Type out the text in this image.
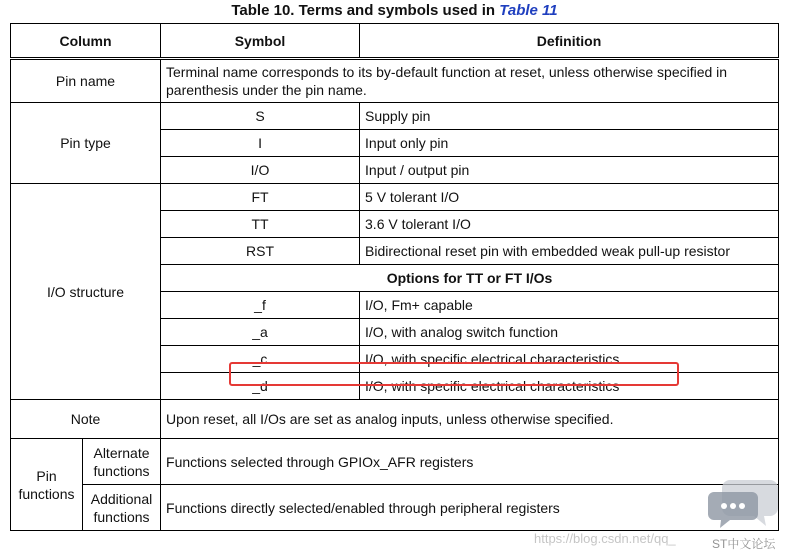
Table 10. Terms and symbols used in Table 11
Column		Symbol	Definition
Pin name		Terminal name corresponds to its by-default function at reset, unless otherwise specified in parenthesis under the pin name.	
Pin type		S	Supply pin
		I	Input only pin
		I/O	Input / output pin
I/O structure		FT	5 V tolerant I/O
		TT	3.6 V tolerant I/O
		RST	Bidirectional reset pin with embedded weak pull-up resistor
		Options for TT or FT I/Os	
		_f	I/O, Fm+ capable
		_a	I/O, with analog switch function
		_c	I/O, with specific electrical characteristics
		_d	I/O, with specific electrical characteristics
Note		Upon reset, all I/Os are set as analog inputs, unless otherwise specified.	
Pin functions	Alternate functions	Functions selected through GPIOx_AFR registers	
	Additional functions	Functions directly selected/enabled through peripheral registers	
https://blog.csdn.net/qq_	ST中文论坛
